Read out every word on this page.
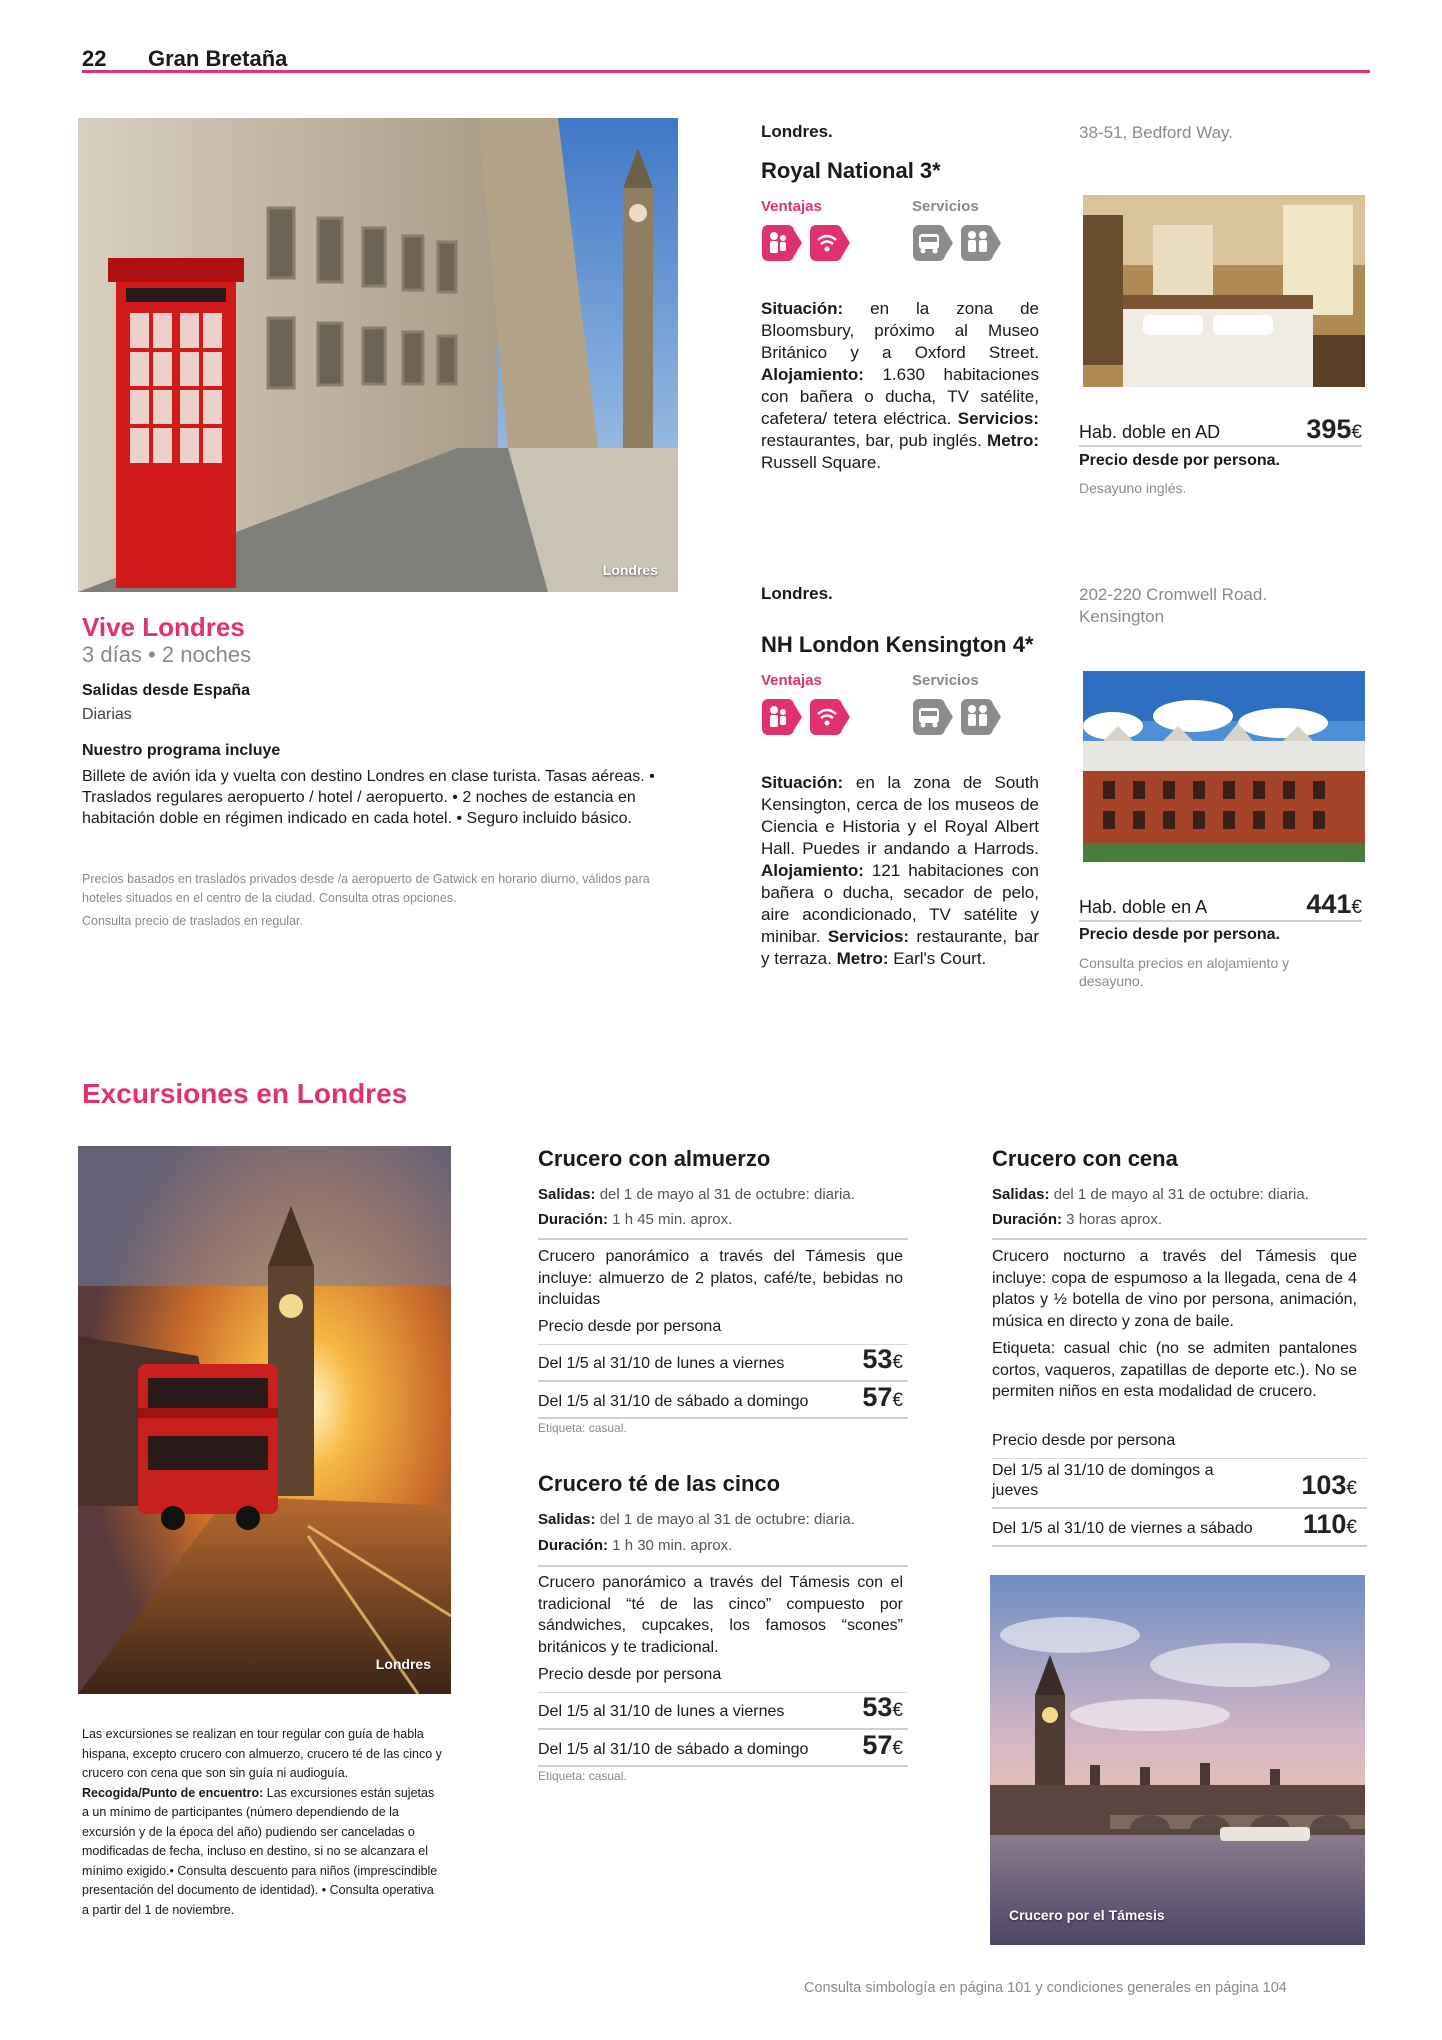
22 Gran Bretaña
Londres
Vive Londres
3 días • 2 noches
Salidas desde España
Diarias
Nuestro programa incluye
Billete de avión ida y vuelta con destino Londres en clase turista. Tasas aéreas. • Traslados regulares aeropuerto / hotel / aeropuerto. • 2 noches de estancia en habitación doble en régimen indicado en cada hotel. • Seguro incluido básico.
Precios basados en traslados privados desde /a aeropuerto de Gatwick en horario diurno, válidos para hoteles situados en el centro de la ciudad. Consulta otras opciones.
Consulta precio de traslados en regular.
Londres.
Royal National 3*
38-51, Bedford Way.
Ventajas	Servicios
Situación: en la zona de Bloomsbury, próximo al Museo Británico y a Oxford Street. Alojamiento: 1.630 habitaciones con bañera o ducha, TV satélite, cafetera/ tetera eléctrica. Servicios: restaurantes, bar, pub inglés. Metro: Russell Square.
Hab. doble en AD	395€
Precio desde por persona.
Desayuno inglés.
Londres.
NH London Kensington 4*
202-220 Cromwell Road. Kensington
Ventajas	Servicios
Situación: en la zona de South Kensington, cerca de los museos de Ciencia e Historia y el Royal Albert Hall. Puedes ir andando a Harrods. Alojamiento: 121 habitaciones con bañera o ducha, secador de pelo, aire acondicionado, TV satélite y minibar. Servicios: restaurante, bar y terraza. Metro: Earl's Court.
Hab. doble en A	441€
Precio desde por persona.
Consulta precios en alojamiento y desayuno.
Excursiones en Londres
Londres
Las excursiones se realizan en tour regular con guía de habla hispana, excepto crucero con almuerzo, crucero té de las cinco y crucero con cena que son sin guía ni audioguía.
Recogida/Punto de encuentro: Las excursiones están sujetas a un mínimo de participantes (número dependiendo de la excursión y de la época del año) pudiendo ser canceladas o modificadas de fecha, incluso en destino, si no se alcanzara el mínimo exigido.• Consulta descuento para niños (imprescindible presentación del documento de identidad). • Consulta operativa a partir del 1 de noviembre.
Crucero con almuerzo
Salidas: del 1 de mayo al 31 de octubre: diaria.
Duración: 1 h 45 min. aprox.
Crucero panorámico a través del Támesis que incluye: almuerzo de 2 platos, café/te, bebidas no incluidas
Precio desde por persona
Del 1/5 al 31/10 de lunes a viernes	53€
Del 1/5 al 31/10 de sábado a domingo 57€
Etiqueta: casual.
Crucero té de las cinco
Salidas: del 1 de mayo al 31 de octubre: diaria.
Duración: 1 h 30 min. aprox.
Crucero panorámico a través del Támesis con el tradicional “té de las cinco” compuesto por sándwiches, cupcakes, los famosos “scones” británicos y te tradicional.
Precio desde por persona
Del 1/5 al 31/10 de lunes a viernes	53€
Del 1/5 al 31/10 de sábado a domingo 57€
Etiqueta: casual.
Crucero con cena
Salidas: del 1 de mayo al 31 de octubre: diaria.
Duración: 3 horas aprox.
Crucero nocturno a través del Támesis que incluye: copa de espumoso a la llegada, cena de 4 platos y ½ botella de vino por persona, animación, música en directo y zona de baile.
Etiqueta: casual chic (no se admiten pantalones cortos, vaqueros, zapatillas de deporte etc.). No se permiten niños en esta modalidad de crucero.
Precio desde por persona
Del 1/5 al 31/10 de domingos a jueves	103€
Del 1/5 al 31/10 de viernes a sábado 110€
Crucero por el Támesis
Consulta simbología en página 101 y condiciones generales en página 104
